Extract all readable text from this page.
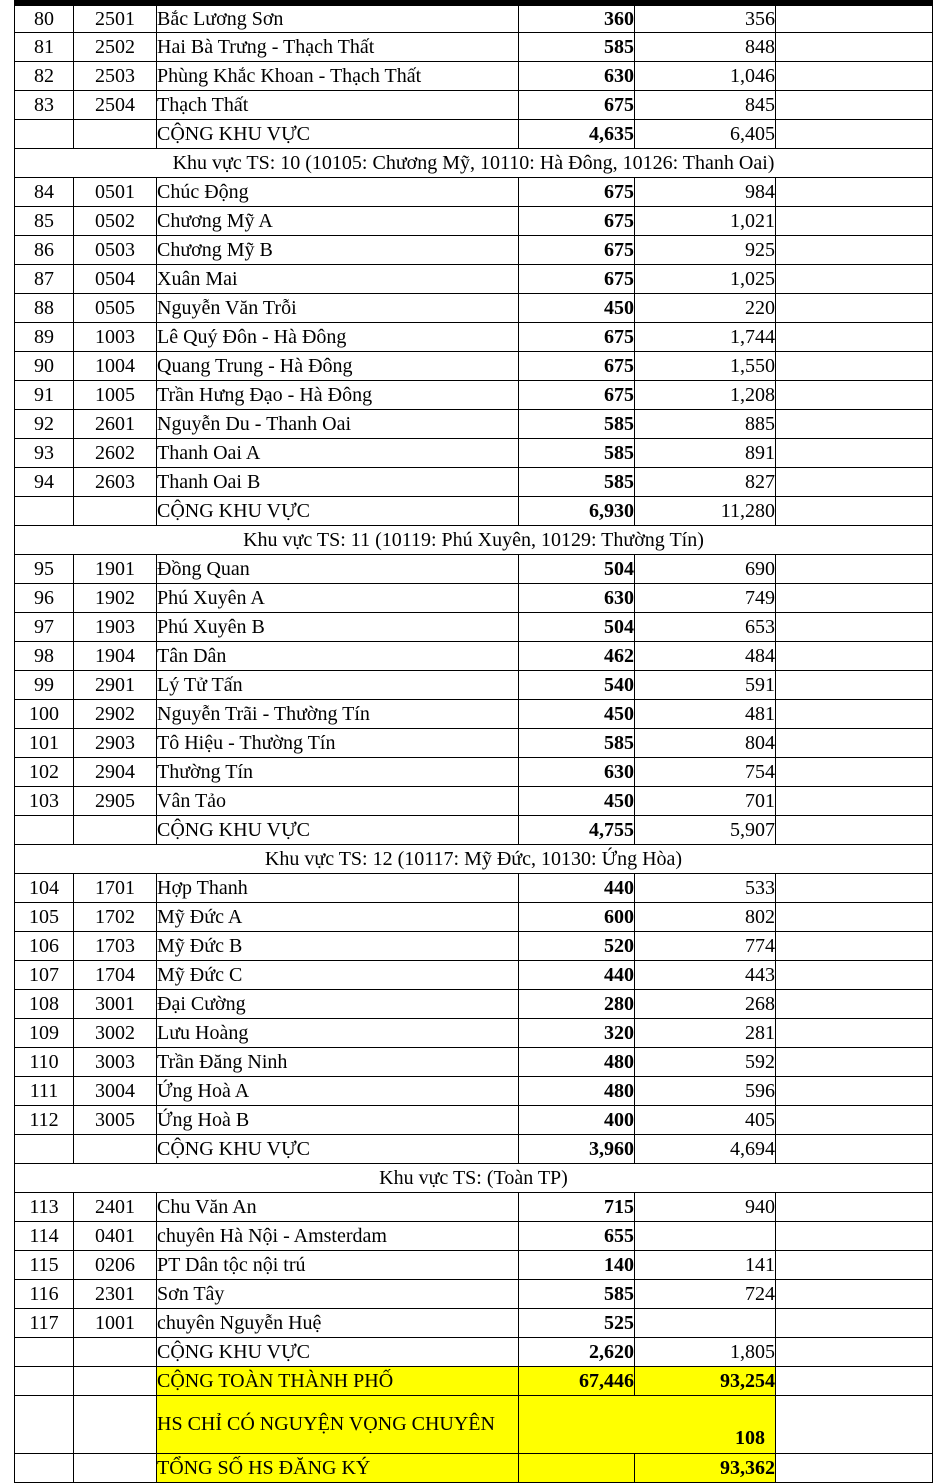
80	2501	Bắc Lương Sơn	360	356	
81	2502	Hai Bà Trưng - Thạch Thất	585	848	
82	2503	Phùng Khắc Khoan - Thạch Thất	630	1,046	
83	2504	Thạch Thất	675	845	
		CỘNG KHU VỰC	4,635	6,405	
Khu vực TS: 10 (10105: Chương Mỹ, 10110: Hà Đông, 10126: Thanh Oai)					
84	0501	Chúc Động	675	984	
85	0502	Chương Mỹ A	675	1,021	
86	0503	Chương Mỹ B	675	925	
87	0504	Xuân Mai	675	1,025	
88	0505	Nguyễn Văn Trỗi	450	220	
89	1003	Lê Quý Đôn - Hà Đông	675	1,744	
90	1004	Quang Trung - Hà Đông	675	1,550	
91	1005	Trần Hưng Đạo - Hà Đông	675	1,208	
92	2601	Nguyễn Du - Thanh Oai	585	885	
93	2602	Thanh Oai A	585	891	
94	2603	Thanh Oai B	585	827	
		CỘNG KHU VỰC	6,930	11,280	
Khu vực TS: 11 (10119: Phú Xuyên, 10129: Thường Tín)					
95	1901	Đồng Quan	504	690	
96	1902	Phú Xuyên A	630	749	
97	1903	Phú Xuyên B	504	653	
98	1904	Tân Dân	462	484	
99	2901	Lý Tử Tấn	540	591	
100	2902	Nguyễn Trãi - Thường Tín	450	481	
101	2903	Tô Hiệu - Thường Tín	585	804	
102	2904	Thường Tín	630	754	
103	2905	Vân Tảo	450	701	
		CỘNG KHU VỰC	4,755	5,907	
Khu vực TS: 12 (10117: Mỹ Đức, 10130: Ứng Hòa)					
104	1701	Hợp Thanh	440	533	
105	1702	Mỹ Đức A	600	802	
106	1703	Mỹ Đức B	520	774	
107	1704	Mỹ Đức C	440	443	
108	3001	Đại Cường	280	268	
109	3002	Lưu Hoàng	320	281	
110	3003	Trần Đăng Ninh	480	592	
111	3004	Ứng Hoà A	480	596	
112	3005	Ứng Hoà B	400	405	
		CỘNG KHU VỰC	3,960	4,694	
Khu vực TS: (Toàn TP)					
113	2401	Chu Văn An	715	940	
114	0401	chuyên Hà Nội - Amsterdam	655		
115	0206	PT Dân tộc nội trú	140	141	
116	2301	Sơn Tây	585	724	
117	1001	chuyên Nguyễn Huệ	525		
		CỘNG KHU VỰC	2,620	1,805	
		CỘNG TOÀN THÀNH PHỐ	67,446	93,254	
		HS CHỈ CÓ NGUYỆN VỌNG CHUYÊN	108		
		TỔNG SỐ HS ĐĂNG KÝ		93,362	
